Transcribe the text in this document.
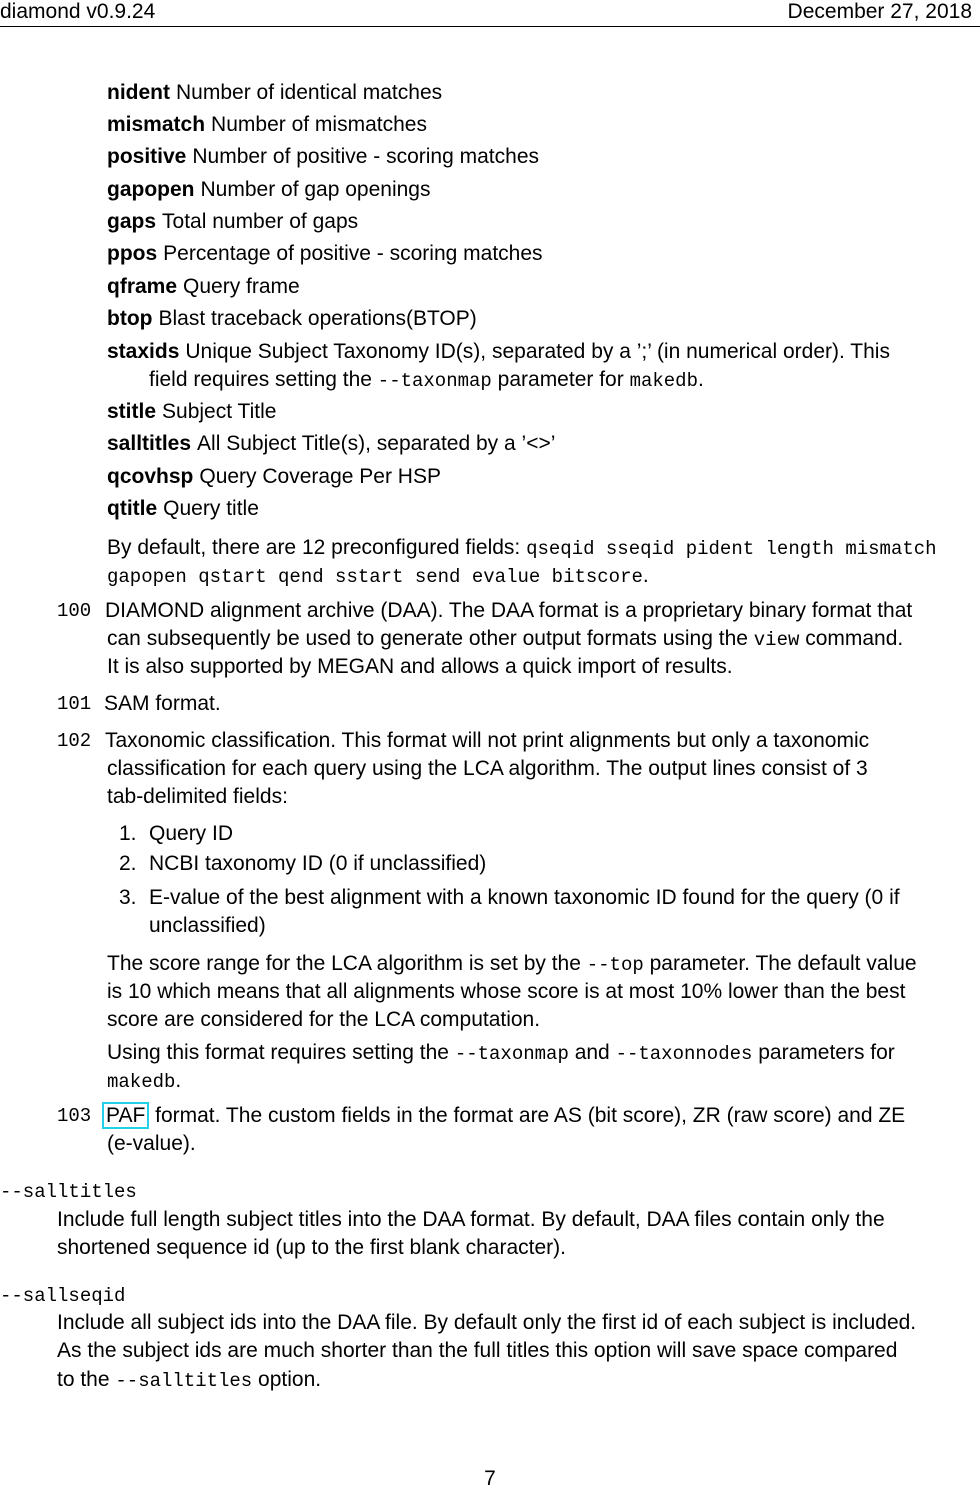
diamond v0.9.24	December 27, 2018
nident Number of identical matches
mismatch Number of mismatches
positive Number of positive - scoring matches
gapopen Number of gap openings
gaps Total number of gaps
ppos Percentage of positive - scoring matches
qframe Query frame
btop Blast traceback operations(BTOP)
staxids Unique Subject Taxonomy ID(s), separated by a ’;’ (in numerical order). This
field requires setting the --taxonmap parameter for makedb.
stitle Subject Title
salltitles All Subject Title(s), separated by a ’<>’
qcovhsp Query Coverage Per HSP
qtitle Query title
By default, there are 12 preconfigured fields: qseqid sseqid pident length mismatch
gapopen qstart qend sstart send evalue bitscore.
100 DIAMOND alignment archive (DAA). The DAA format is a proprietary binary format that
can subsequently be used to generate other output formats using the view command.
It is also supported by MEGAN and allows a quick import of results.
101 SAM format.
102 Taxonomic classification. This format will not print alignments but only a taxonomic
classification for each query using the LCA algorithm. The output lines consist of 3
tab-delimited fields:
1. Query ID
2. NCBI taxonomy ID (0 if unclassified)
3. E-value of the best alignment with a known taxonomic ID found for the query (0 if
unclassified)
The score range for the LCA algorithm is set by the --top parameter. The default value
is 10 which means that all alignments whose score is at most 10% lower than the best
score are considered for the LCA computation.
Using this format requires setting the --taxonmap and --taxonnodes parameters for
makedb.
103 PAF format. The custom fields in the format are AS (bit score), ZR (raw score) and ZE
(e-value).
--salltitles
Include full length subject titles into the DAA format. By default, DAA files contain only the
shortened sequence id (up to the first blank character).
--sallseqid
Include all subject ids into the DAA file. By default only the first id of each subject is included.
As the subject ids are much shorter than the full titles this option will save space compared
to the --salltitles option.
7
